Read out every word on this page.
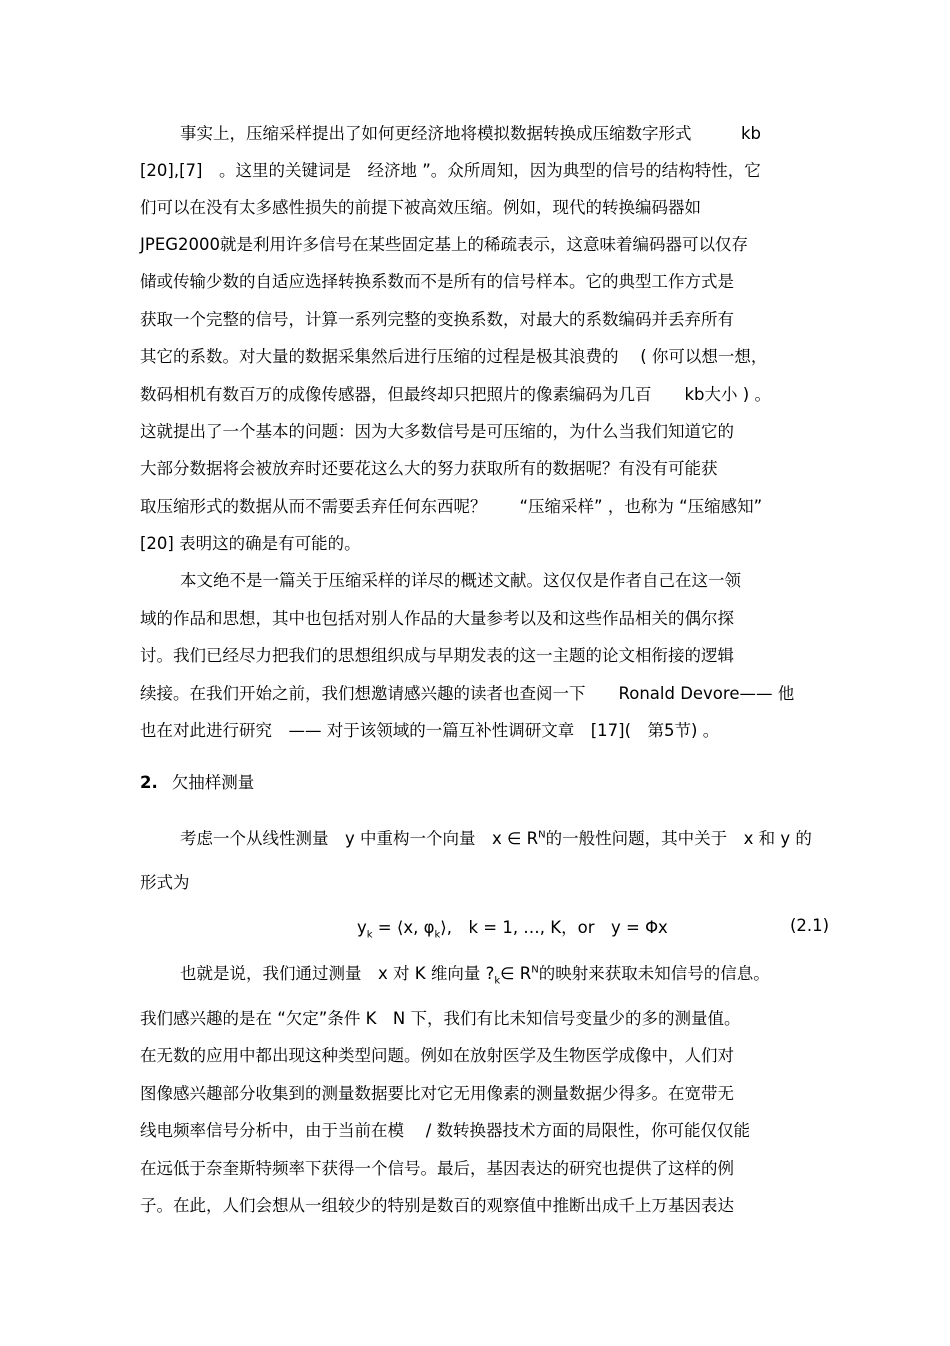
事实上，压缩采样提出了如何更经济地将模拟数据转换成压缩数字形式　　　kb
[20],[7]　。这里的关键词是　经济地 ”。众所周知，因为典型的信号的结构特性，它
们可以在没有太多感性损失的前提下被高效压缩。例如，现代的转换编码器如
JPEG2000就是利用许多信号在某些固定基上的稀疏表示，这意味着编码器可以仅存
储或传输少数的自适应选择转换系数而不是所有的信号样本。它的典型工作方式是
获取一个完整的信号，计算一系列完整的变换系数，对最大的系数编码并丢弃所有
其它的系数。对大量的数据采集然后进行压缩的过程是极其浪费的　 ( 你可以想一想，
数码相机有数百万的成像传感器，但最终却只把照片的像素编码为几百　　kb大小 ) 。
这就提出了一个基本的问题：因为大多数信号是可压缩的，为什么当我们知道它的
大部分数据将会被放弃时还要花这么大的努力获取所有的数据呢？有没有可能获
取压缩形式的数据从而不需要丢弃任何东西呢？　　“压缩采样” ，也称为 “压缩感知”
[20] 表明这的确是有可能的。
本文绝不是一篇关于压缩采样的详尽的概述文献。这仅仅是作者自己在这一领
域的作品和思想，其中也包括对别人作品的大量参考以及和这些作品相关的偶尔探
讨。我们已经尽力把我们的思想组织成与早期发表的这一主题的论文相衔接的逻辑
续接。在我们开始之前，我们想邀请感兴趣的读者也查阅一下　　Ronald Devore—— 他
也在对此进行研究　—— 对于该领域的一篇互补性调研文章　[17](　第5节) 。
2. 欠抽样测量
考虑一个从线性测量　y 中重构一个向量　x ∈ $R^N$的一般性问题，其中关于　x 和 y 的
形式为
$y_k$ = ⟨x, $\varphi_k⟩$,　k = 1, …, K，or　y = Φx	(2.1)
也就是说，我们通过测量　x 对 K 维向量 $?_k\in$ $R^N$的映射来获取未知信号的信息。
我们感兴趣的是在 “欠定”条件 K　N 下，我们有比未知信号变量少的多的测量值。
在无数的应用中都出现这种类型问题。例如在放射医学及生物医学成像中，人们对
图像感兴趣部分收集到的测量数据要比对它无用像素的测量数据少得多。在宽带无
线电频率信号分析中，由于当前在模　 / 数转换器技术方面的局限性，你可能仅仅能
在远低于奈奎斯特频率下获得一个信号。最后，基因表达的研究也提供了这样的例
子。在此，人们会想从一组较少的特别是数百的观察值中推断出成千上万基因表达
